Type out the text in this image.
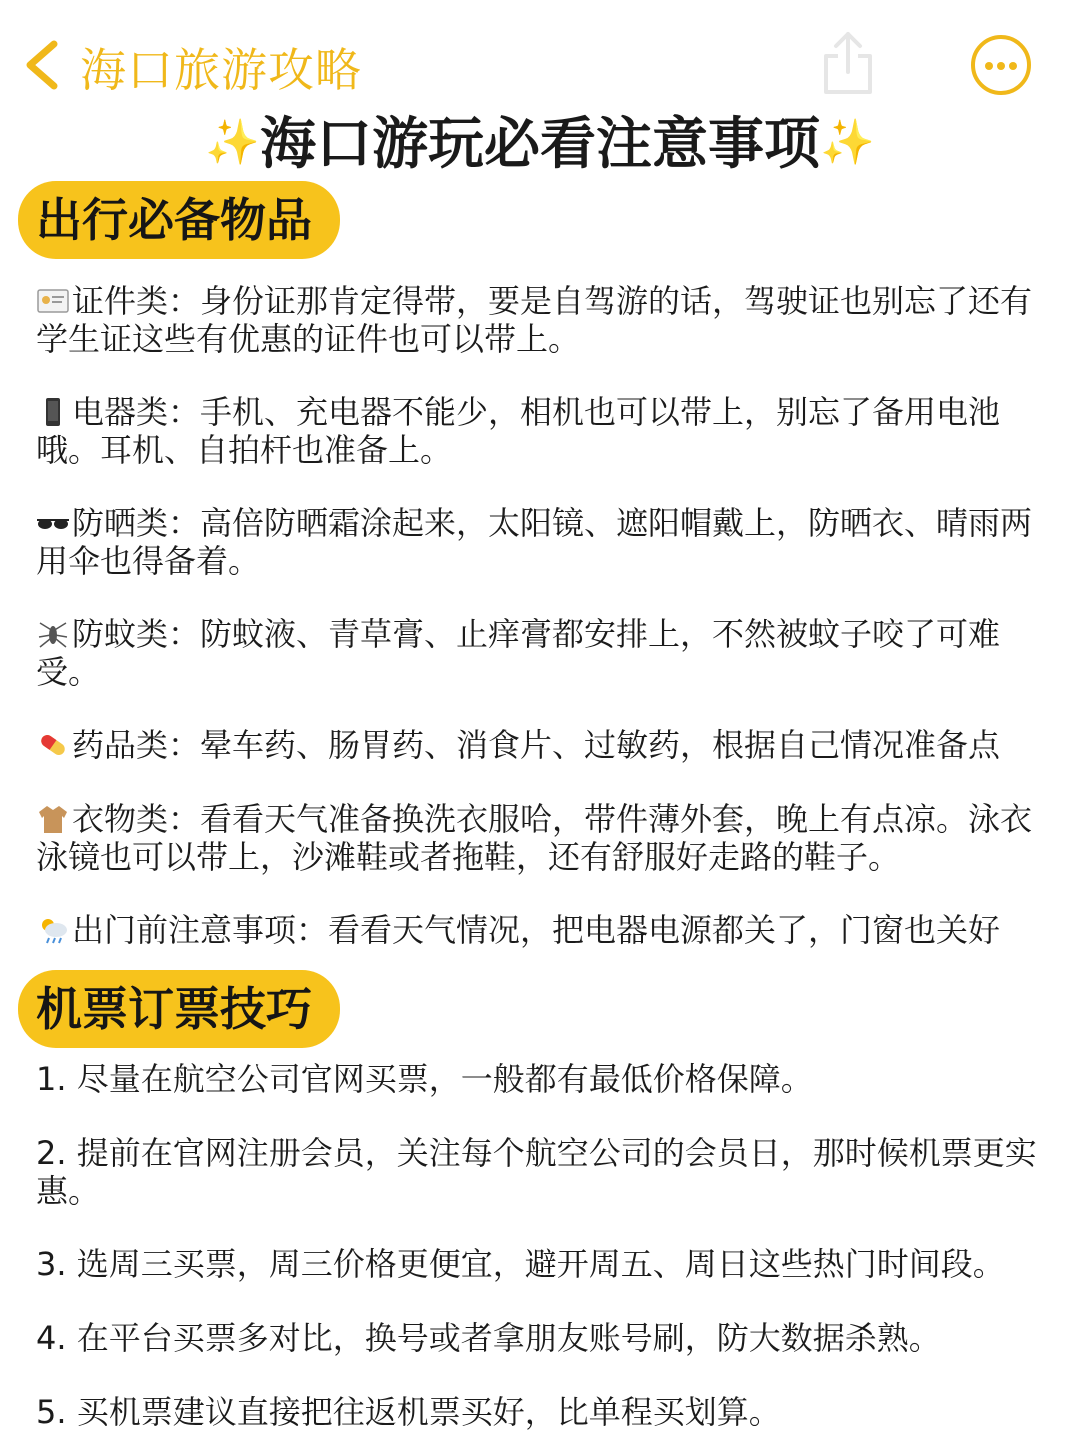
海口旅游攻略
✨海口游玩必看注意事项✨
出行必备物品

证件类：身份证那肯定得带，要是自驾游的话，驾驶证也别忘了还有学生证这些有优惠的证件也可以带上。

电器类：手机、充电器不能少，相机也可以带上，别忘了备用电池哦。耳机、自拍杆也准备上。

防晒类：高倍防晒霜涂起来，太阳镜、遮阳帽戴上，防晒衣、晴雨两用伞也得备着。

防蚊类：防蚊液、青草膏、止痒膏都安排上，不然被蚊子咬了可难受。

药品类：晕车药、肠胃药、消食片、过敏药，根据自己情况准备点

衣物类：看看天气准备换洗衣服哈，带件薄外套，晚上有点凉。泳衣泳镜也可以带上，沙滩鞋或者拖鞋，还有舒服好走路的鞋子。

出门前注意事项：看看天气情况，把电器电源都关了，门窗也关好

机票订票技巧

1. 尽量在航空公司官网买票，一般都有最低价格保障。

2. 提前在官网注册会员，关注每个航空公司的会员日，那时候机票更实惠。

3. 选周三买票，周三价格更便宜，避开周五、周日这些热门时间段。

4. 在平台买票多对比，换号或者拿朋友账号刷，防大数据杀熟。

5. 买机票建议直接把往返机票买好，比单程买划算。
